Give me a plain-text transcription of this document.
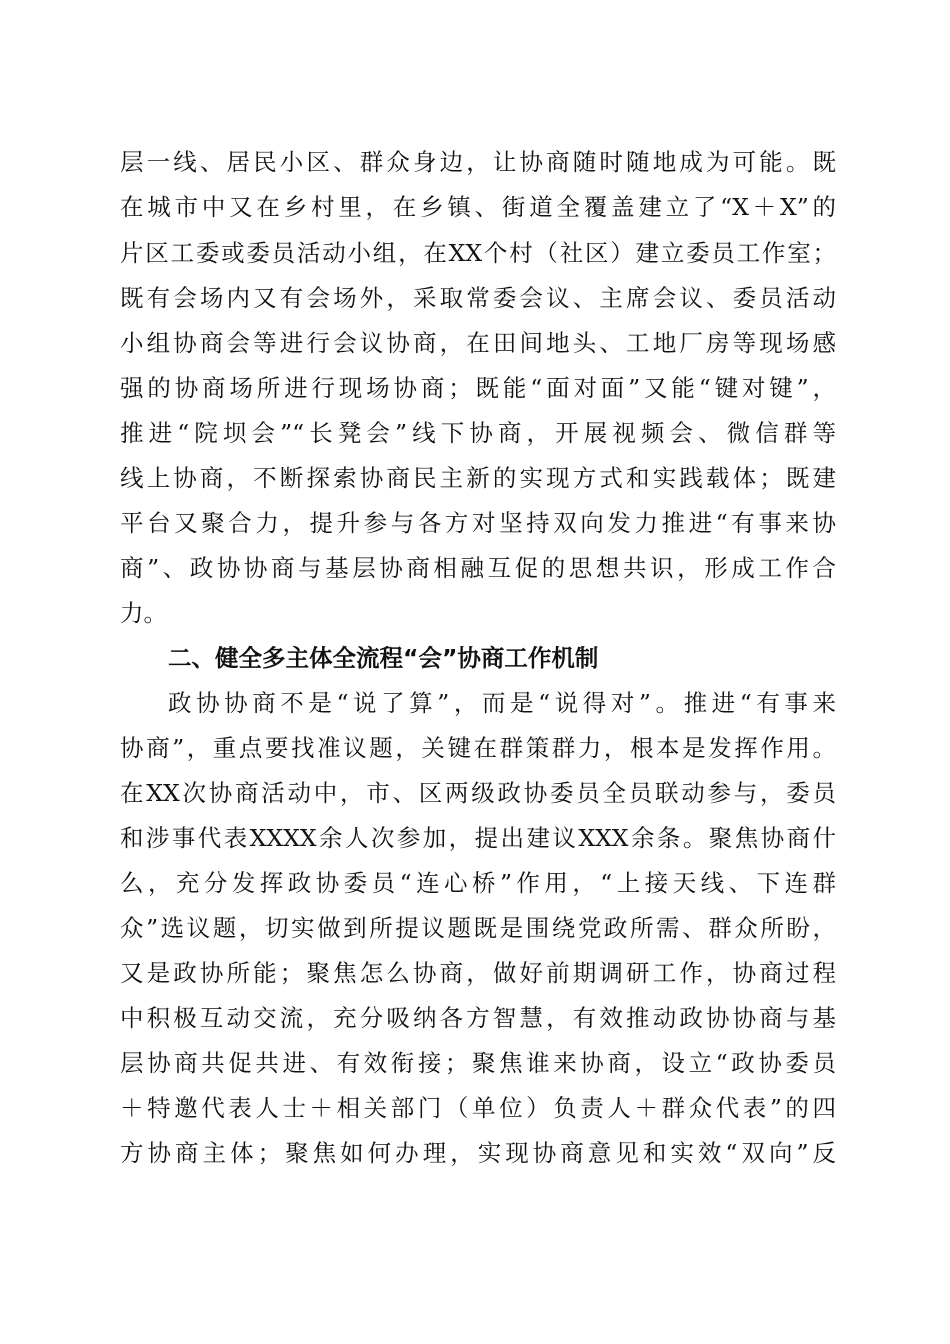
层一线、居民小区、群众身边，让协商随时随地成为可能。既
在城市中又在乡村里，在乡镇、街道全覆盖建立了“X＋X”的
片区工委或委员活动小组，在XX个村（社区）建立委员工作室；
既有会场内又有会场外，采取常委会议、主席会议、委员活动
小组协商会等进行会议协商，在田间地头、工地厂房等现场感
强的协商场所进行现场协商；既能“面对面”又能“键对键”，
推进“院坝会”“长凳会”线下协商，开展视频会、微信群等
线上协商，不断探索协商民主新的实现方式和实践载体；既建
平台又聚合力，提升参与各方对坚持双向发力推进“有事来协
商”、政协协商与基层协商相融互促的思想共识，形成工作合
力。
二、健全多主体全流程“会”协商工作机制
政协协商不是“说了算”，而是“说得对”。推进“有事来
协商”，重点要找准议题，关键在群策群力，根本是发挥作用。
在XX次协商活动中，市、区两级政协委员全员联动参与，委员
和涉事代表XXXX余人次参加，提出建议XXX余条。聚焦协商什
么，充分发挥政协委员“连心桥”作用，“上接天线、下连群
众”选议题，切实做到所提议题既是围绕党政所需、群众所盼，
又是政协所能；聚焦怎么协商，做好前期调研工作，协商过程
中积极互动交流，充分吸纳各方智慧，有效推动政协协商与基
层协商共促共进、有效衔接；聚焦谁来协商，设立“政协委员
＋特邀代表人士＋相关部门（单位）负责人＋群众代表”的四
方协商主体；聚焦如何办理，实现协商意见和实效“双向”反
